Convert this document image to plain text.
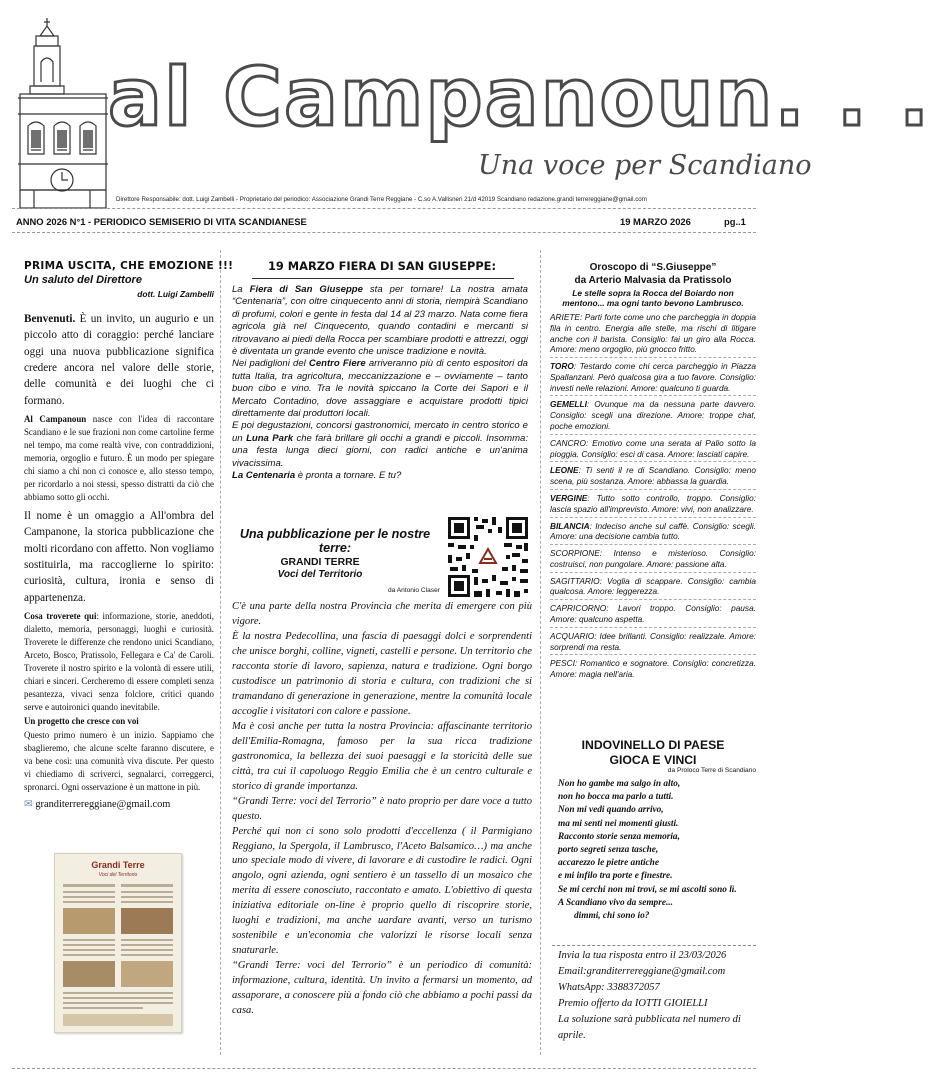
al Campanoun. . .
Una voce per Scandiano
Direttore Responsabile: dott. Luigi Zambelli - Proprietario del periodico: Associazione Grandi Terre Reggiane - C.so A.Vallisneri 21/d 42019 Scandiano redazione.grandi terrereggiane@gmail.com
ANNO 2026 N°1 - PERIODICO SEMISERIO DI VITA SCANDIANESE	19 MARZO 2026	pg..1
PRIMA USCITA, CHE EMOZIONE !!!
Un saluto del Direttore
dott. Luigi Zambelli

Benvenuti. È un invito, un augurio e un piccolo atto di coraggio: perché lanciare oggi una nuova pubblicazione significa credere ancora nel valore delle storie, delle comunità e dei luoghi che ci formano.

Al Campanoun nasce con l'idea di raccontare Scandiano e le sue frazioni non come cartoline ferme nel tempo, ma come realtà vive, con contraddizioni, memoria, orgoglio e futuro. È un modo per spiegare chi siamo a chi non ci conosce e, allo stesso tempo, per ricordarlo a noi stessi, spesso distratti da ciò che abbiamo sotto gli occhi.

Il nome è un omaggio a All'ombra del Campanone, la storica pubblicazione che molti ricordano con affetto. Non vogliamo sostituirla, ma raccoglierne lo spirito: curiosità, cultura, ironia e senso di appartenenza.

Cosa troverete qui: informazione, storie, aneddoti, dialetto, memoria, personaggi, luoghi e curiosità. Troverete le differenze che rendono unici Scandiano, Arceto, Bosco, Pratissolo, Fellegara e Ca' de Caroli. Troverete il nostro spirito e la volontà di essere utili, chiari e sinceri. Cercheremo di essere completi senza pesantezza, vivaci senza folclore, critici quando serve e autoironici quando inevitabile.

Un progetto che cresce con voi

Questo primo numero è un inizio. Sappiamo che sbaglieremo, che alcune scelte faranno discutere, e va bene così: una comunità viva discute. Per questo vi chiediamo di scriverci, segnalarci, correggerci, spronarci. Ogni osservazione è un mattone in più.

✉ granditerrereggiane@gmail.com
Grandi Terre
Voci del Territorio
19 MARZO FIERA DI SAN GIUSEPPE:

La Fiera di San Giuseppe sta per tornare! La nostra amata “Centenaria”, con oltre cinquecento anni di storia, riempirà Scandiano di profumi, colori e gente in festa dal 14 al 23 marzo. Nata come fiera agricola già nel Cinquecento, quando contadini e mercanti si ritrovavano ai piedi della Rocca per scambiare prodotti e attrezzi, oggi è diventata un grande evento che unisce tradizione e novità.

Nei padiglioni del Centro Fiere arriveranno più di cento espositori da tutta Italia, tra agricoltura, meccanizzazione e – ovviamente – tanto buon cibo e vino. Tra le novità spiccano la Corte dei Sapori e il Mercato Contadino, dove assaggiare e acquistare prodotti tipici direttamente dai produttori locali.

E poi degustazioni, concorsi gastronomici, mercato in centro storico e un Luna Park che farà brillare gli occhi a grandi e piccoli. Insomma: una festa lunga dieci giorni, con radici antiche e un'anima vivacissima.

La Centenaria è pronta a tornare. E tu?

Una pubblicazione per le nostre terre:
GRANDI TERRE
Voci del Territorio
da Antonio Claser

C'è una parte della nostra Provincia che merita di emergere con più vigore.

È la nostra Pedecollina, una fascia di paesaggi dolci e sorprendenti che unisce borghi, colline, vigneti, castelli e persone. Un territorio che racconta storie di lavoro, sapienza, natura e tradizione. Ogni borgo custodisce un patrimonio di storia e cultura, con tradizioni che si tramandano di generazione in generazione, mentre la comunità locale accoglie i visitatori con calore e passione.

Ma è così anche per tutta la nostra Provincia: affascinante territorio dell'Emilia-Romagna, famoso per la sua ricca tradizione gastronomica, la bellezza dei suoi paesaggi e la storicità delle sue città, tra cui il capoluogo Reggio Emilia che è un centro culturale e storico di grande importanza.

“Grandi Terre: voci del Terrorio” è nato proprio per dare voce a tutto questo.

Perché qui non ci sono solo prodotti d'eccellenza ( il Parmigiano Reggiano, la Spergola, il Lambrusco, l'Aceto Balsamico…) ma anche uno speciale modo di vivere, di lavorare e di custodire le radici. Ogni angolo, ogni azienda, ogni sentiero è un tassello di un mosaico che merita di essere conosciuto, raccontato e amato. L'obiettivo di questa iniziativa editoriale on-line è proprio quello di riscoprire storie, luoghi e tradizioni, ma anche uardare avanti, verso un turismo sostenibile e un'economia che valorizzi le risorse locali senza snaturarle.

“Grandi Terre: voci del Terrorio” è un periodico di comunità: informazione, cultura, identità. Un invito a fermarsi un momento, ad assaporare, a conoscere più a fondo ciò che abbiamo a pochi passi da casa.

Oroscopo di “S.Giuseppe”
da Arterio Malvasia da Pratissolo
Le stelle sopra la Rocca del Boiardo non mentono... ma ogni tanto bevono Lambrusco.
ARIETE: Parti forte come uno che parcheggia in doppia fila in centro. Energia alle stelle, ma rischi di litigare anche con il barista. Consiglio: fai un giro alla Rocca. Amore: meno orgoglio, più gnocco fritto.
TORO: Testardo come chi cerca parcheggio in Piazza Spallanzani. Però qualcosa gira a tuo favore. Consiglio: investi nelle relazioni. Amore: qualcuno ti guarda.
GEMELLI: Ovunque ma da nessuna parte davvero. Consiglio: scegli una direzione. Amore: troppe chat, poche emozioni.
CANCRO: Emotivo come una serata al Palio sotto la pioggia. Consiglio: esci di casa. Amore: lasciati capire.
LEONE: Ti senti il re di Scandiano. Consiglio: meno scena, più sostanza. Amore: abbassa la guardia.
VERGINE: Tutto sotto controllo, troppo. Consiglio: lascia spazio all'imprevisto. Amore: vivi, non analizzare.
BILANCIA: Indeciso anche sul caffè. Consiglio: scegli. Amore: una decisione cambia tutto.
SCORPIONE: Intenso e misterioso. Consiglio: costruisci, non pungolare. Amore: passione alta.
SAGITTARIO: Voglia di scappare. Consiglio: cambia qualcosa. Amore: leggerezza.
CAPRICORNO: Lavori troppo. Consiglio: pausa. Amore: qualcuno aspetta.
ACQUARIO: Idee brillanti. Consiglio: realizzale. Amore: sorprendi ma resta.
PESCI: Romantico e sognatore. Consiglio: concretizza. Amore: magia nell'aria.
INDOVINELLO DI PAESE
GIOCA E VINCI
da Proloco Terre di Scandiano

Non ho gambe ma salgo in alto,

non ho bocca ma parlo a tutti.

Non mi vedi quando arrivo,

ma mi senti nei momenti giusti.

Racconto storie senza memoria,

porto segreti senza tasche,

accarezzo le pietre antiche

e mi infilo tra porte e finestre.

Se mi cerchi non mi trovi, se mi ascolti sono lì.

A Scandiano vivo da sempre...

dimmi, chi sono io?

Invia la tua risposta entro il 23/03/2026

Email:granditerrereggiane@gmail.com

WhatsApp: 3388372057

Premio offerto da IOTTI GIOIELLI

La soluzione sarà pubblicata nel numero di aprile.
